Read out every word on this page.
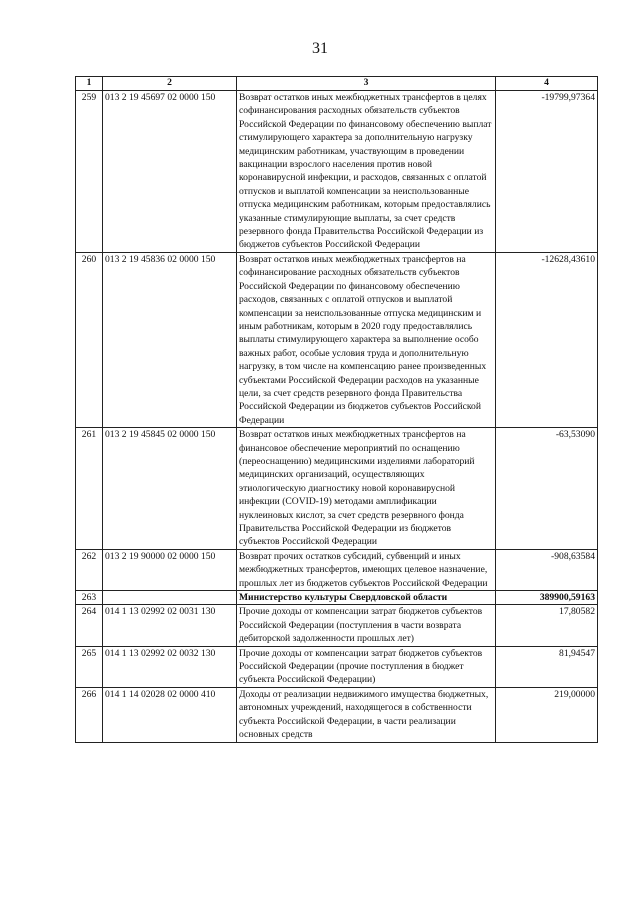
31
1	2	3	4
259	013 2 19 45697 02 0000 150	Возврат остатков иных межбюджетных трансфертов в целях софинансирования расходных обязательств субъектов Российской Федерации по финансовому обеспечению выплат стимулирующего характера за дополнительную нагрузку медицинским работникам, участвующим в проведении вакцинации взрослого населения против новой коронавирусной инфекции, и расходов, связанных с оплатой отпусков и выплатой компенсации за неиспользованные отпуска медицинским работникам, которым предоставлялись указанные стимулирующие выплаты, за счет средств резервного фонда Правительства Российской Федерации из бюджетов субъектов Российской Федерации	-19799,97364
260	013 2 19 45836 02 0000 150	Возврат остатков иных межбюджетных трансфертов на софинансирование расходных обязательств субъектов Российской Федерации по финансовому обеспечению расходов, связанных с оплатой отпусков и выплатой компенсации за неиспользованные отпуска медицинским и иным работникам, которым в 2020 году предоставлялись выплаты стимулирующего характера за выполнение особо важных работ, особые условия труда и дополнительную нагрузку, в том числе на компенсацию ранее произведенных субъектами Российской Федерации расходов на указанные цели, за счет средств резервного фонда Правительства Российской Федерации из бюджетов субъектов Российской Федерации	-12628,43610
261	013 2 19 45845 02 0000 150	Возврат остатков иных межбюджетных трансфертов на финансовое обеспечение мероприятий по оснащению (переоснащению) медицинскими изделиями лабораторий медицинских организаций, осуществляющих этиологическую диагностику новой коронавирусной инфекции (COVID-19) методами амплификации нуклеиновых кислот, за счет средств резервного фонда Правительства Российской Федерации из бюджетов субъектов Российской Федерации	-63,53090
262	013 2 19 90000 02 0000 150	Возврат прочих остатков субсидий, субвенций и иных межбюджетных трансфертов, имеющих целевое назначение, прошлых лет из бюджетов субъектов Российской Федерации	-908,63584
263		Министерство культуры Свердловской области	389900,59163
264	014 1 13 02992 02 0031 130	Прочие доходы от компенсации затрат бюджетов субъектов Российской Федерации (поступления в части возврата дебиторской задолженности прошлых лет)	17,80582
265	014 1 13 02992 02 0032 130	Прочие доходы от компенсации затрат бюджетов субъектов Российской Федерации (прочие поступления в бюджет субъекта Российской Федерации)	81,94547
266	014 1 14 02028 02 0000 410	Доходы от реализации недвижимого имущества бюджетных, автономных учреждений, находящегося в собственности субъекта Российской Федерации, в части реализации основных средств	219,00000
